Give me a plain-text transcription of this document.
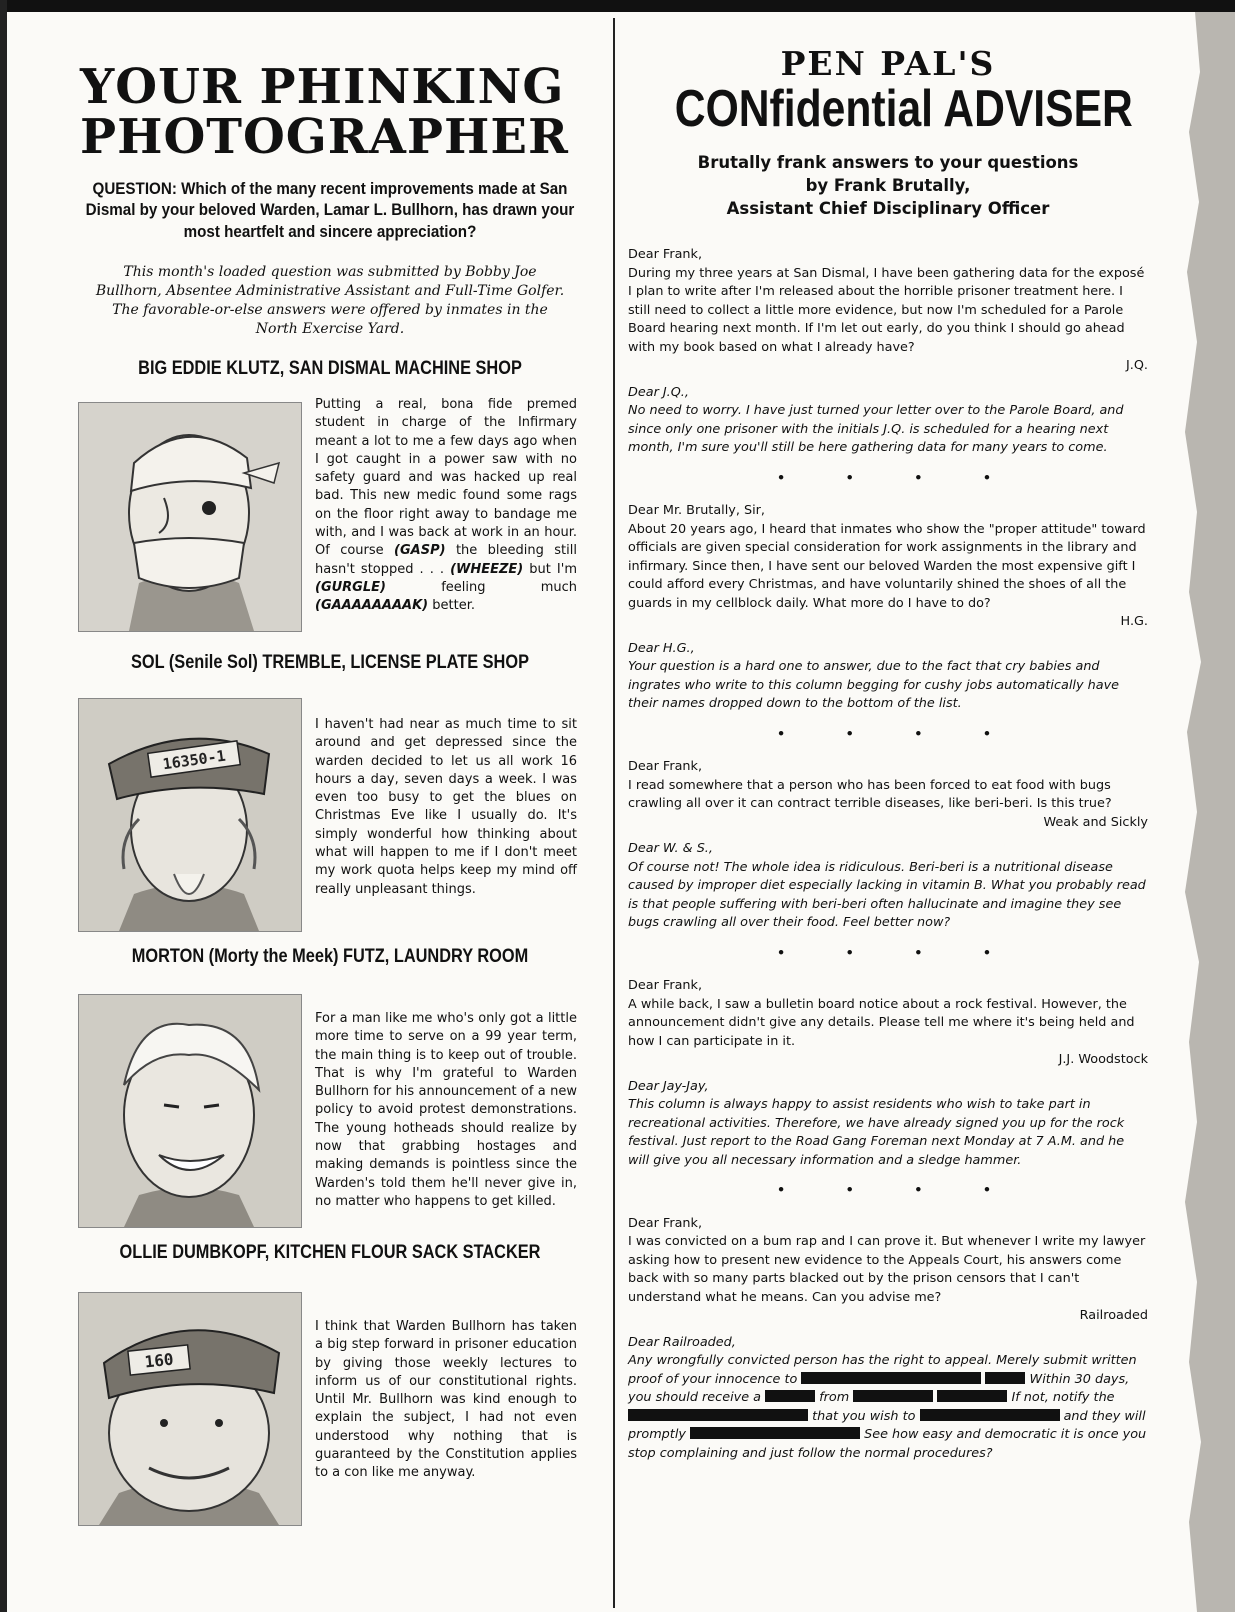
YOUR PHINKING
PHOTOGRAPHER
QUESTION: Which of the many recent improvements made at San Dismal by your beloved Warden, Lamar L. Bullhorn, has drawn your most heartfelt and sincere appreciation?
This month's loaded question was submitted by Bobby Joe Bullhorn, Absentee Administrative Assistant and Full-Time Golfer. The favorable-or-else answers were offered by inmates in the North Exercise Yard.
BIG EDDIE KLUTZ, SAN DISMAL MACHINE SHOP
Putting a real, bona fide premed student in charge of the Infirmary meant a lot to me a few days ago when I got caught in a power saw with no safety guard and was hacked up real bad. This new medic found some rags on the floor right away to bandage me with, and I was back at work in an hour. Of course (GASP) the bleeding still hasn't stopped . . . (WHEEZE) but I'm (GURGLE)	feeling much (GAAAAAAAAK) better.
SOL (Senile Sol) TREMBLE, LICENSE PLATE SHOP
16350-1
I haven't had near as much time to sit around and get depressed since the warden decided to let us all work 16 hours a day, seven days a week. I was even too busy to get the blues on Christmas Eve like I usually do. It's simply wonderful how thinking about what will happen to me if I don't meet my work quota helps keep my mind off really unpleasant things.
MORTON (Morty the Meek) FUTZ, LAUNDRY ROOM
For a man like me who's only got a little more time to serve on a 99 year term, the main thing is to keep out of trouble. That is why I'm grateful to Warden Bullhorn for his announcement of a new policy to avoid protest demonstrations. The young hotheads should realize by now that grabbing hostages and making demands is pointless since the Warden's told them he'll never give in, no matter who happens to get killed.
OLLIE DUMBKOPF, KITCHEN FLOUR SACK STACKER
160
I think that Warden Bullhorn has taken a big step forward in prisoner education by giving those weekly lectures to inform us of our constitutional rights. Until Mr. Bullhorn was kind enough to explain the subject, I had not even understood why nothing that is guaranteed by the Constitution applies to a con like me anyway.
PEN PAL'S
CONfidential ADVISER
Brutally frank answers to your questions
by Frank Brutally,
Assistant Chief Disciplinary Officer

Dear Frank,

During my three years at San Dismal, I have been gathering data for the exposé I plan to write after I'm released about the horrible prisoner treatment here. I still need to collect a little more evidence, but now I'm scheduled for a Parole Board hearing next month. If I'm let out early, do you think I should go ahead with my book based on what I already have?

J.Q.

Dear J.Q.,

No need to worry. I have just turned your letter over to the Parole Board, and since only one prisoner with the initials J.Q. is scheduled for a hearing next month, I'm sure you'll still be here gathering data for many years to come.

• • • •

Dear Mr. Brutally, Sir,

About 20 years ago, I heard that inmates who show the "proper attitude" toward officials are given special consideration for work assignments in the library and infirmary. Since then, I have sent our beloved Warden the most expensive gift I could afford every Christmas, and have voluntarily shined the shoes of all the guards in my cellblock daily. What more do I have to do?

H.G.

Dear H.G.,

Your question is a hard one to answer, due to the fact that cry babies and ingrates who write to this column begging for cushy jobs automatically have their names dropped down to the bottom of the list.

• • • •

Dear Frank,

I read somewhere that a person who has been forced to eat food with bugs crawling all over it can contract terrible diseases, like beri-beri. Is this true?

Weak and Sickly

Dear W. & S.,

Of course not! The whole idea is ridiculous. Beri-beri is a nutritional disease caused by improper diet especially lacking in vitamin B. What you probably read is that people suffering with beri-beri often hallucinate and imagine they see bugs crawling all over their food. Feel better now?

• • • •

Dear Frank,

A while back, I saw a bulletin board notice about a rock festival. However, the announcement didn't give any details. Please tell me where it's being held and how I can participate in it.

J.J. Woodstock

Dear Jay-Jay,

This column is always happy to assist residents who wish to take part in recreational activities. Therefore, we have already signed you up for the rock festival. Just report to the Road Gang Foreman next Monday at 7 A.M. and he will give you all necessary information and a sledge hammer.

• • • •

Dear Frank,

I was convicted on a bum rap and I can prove it. But whenever I write my lawyer asking how to present new evidence to the Appeals Court, his answers come back with so many parts blacked out by the prison censors that I can't understand what he means. Can you advise me?

Railroaded

Dear Railroaded,

Any wrongfully convicted person has the right to appeal. Merely submit written proof of your innocence to	Within 30 days, you should receive a	from	If not, notify the  that you wish to	and they will promptly	See how easy and democratic it is once you stop complaining and just follow the normal procedures?
